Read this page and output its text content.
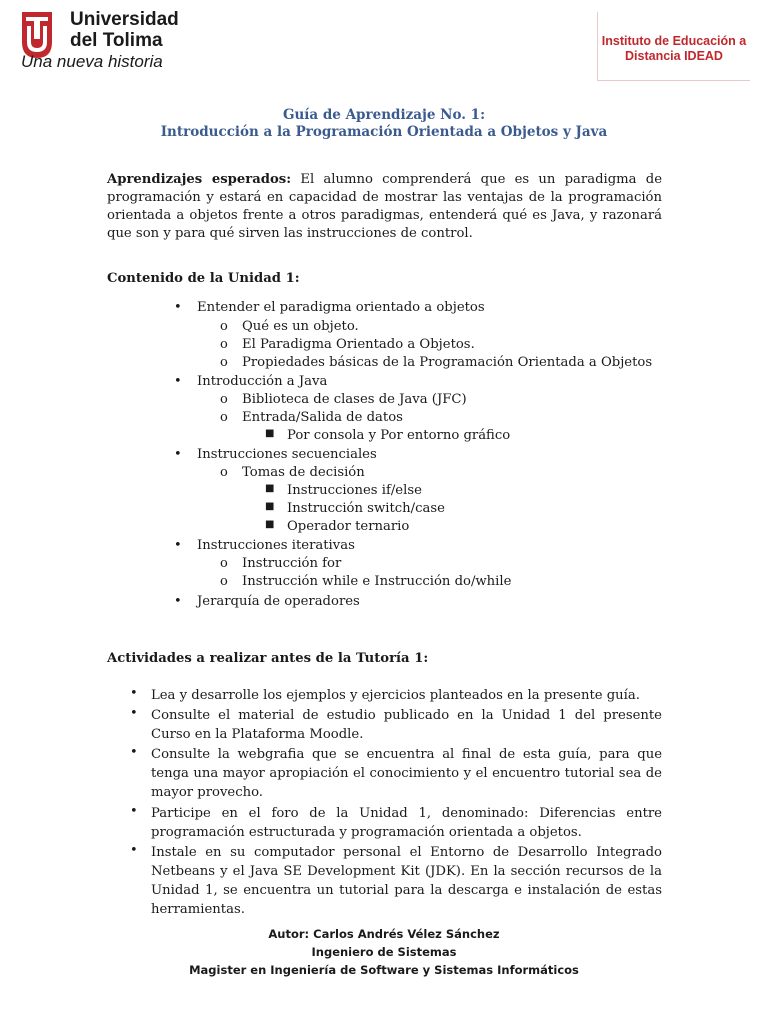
Universidad
del Tolima
Una nueva historia
Instituto de Educación a
Distancia IDEAD
Guía de Aprendizaje No. 1:
Introducción a la Programación Orientada a Objetos y Java
Aprendizajes esperados: El alumno comprenderá que es un paradigma de programación y estará en capacidad de mostrar las ventajas de la programación orientada a objetos frente a otros paradigmas, entenderá qué es Java, y razonará que son y para qué sirven las instrucciones de control.
Contenido de la Unidad 1:
• Entender el paradigma orientado a objetos
o Qué es un objeto.
o El Paradigma Orientado a Objetos.
o Propiedades básicas de la Programación Orientada a Objetos
• Introducción a Java
o Biblioteca de clases de Java (JFC)
o Entrada/Salida de datos
■ Por consola y Por entorno gráfico
• Instrucciones secuenciales
o Tomas de decisión
■ Instrucciones if/else
■ Instrucción switch/case
■ Operador ternario
• Instrucciones iterativas
o Instrucción for
o Instrucción while e Instrucción do/while
• Jerarquía de operadores
Actividades a realizar antes de la Tutoría 1:
• Lea y desarrolle los ejemplos y ejercicios planteados en la presente guía.
• Consulte el material de estudio publicado en la Unidad 1 del presente Curso en la Plataforma Moodle.
• Consulte la webgrafia que se encuentra al final de esta guía, para que tenga una mayor apropiación el conocimiento y el encuentro tutorial sea de mayor provecho.
• Participe en el foro de la Unidad 1, denominado: Diferencias entre programación estructurada y programación orientada a objetos.
• Instale en su computador personal el Entorno de Desarrollo Integrado Netbeans y el Java SE Development Kit (JDK). En la sección recursos de la Unidad 1, se encuentra un tutorial para la descarga e instalación de estas herramientas.
Autor: Carlos Andrés Vélez Sánchez
Ingeniero de Sistemas
Magister en Ingeniería de Software y Sistemas Informáticos
